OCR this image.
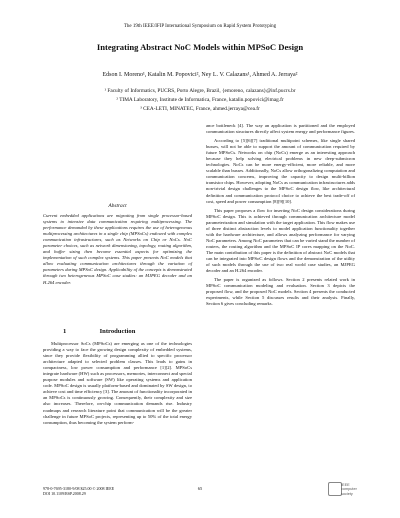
The 19th IEEE/IFIP International Symposium on Rapid System Prototyping
Integrating Abstract NoC Models within MPSoC Design
Edson I. Moreno¹, Katalin M. Popovici², Ney L. V. Calazans¹, Ahmed A. Jerraya²
¹ Faculty of Informatics, PUCRS, Porto Alegre, Brazil, {emoreno, calazans}@inf.pucrs.br
² TIMA Laboratory, Institute de Informatica, France, katalin.popovici@imag.fr
³ CEA-LETI, MINATEC, France, ahmed.jerraya@cea.fr
Abstract

Current embedded applications are migrating from single processor-based systems to intensive data communication requiring multiprocessing. The performance demanded by these applications requires the use of heterogeneous multiprocessing architectures in a single chip (MPSoCs) endowed with complex communication infrastructures, such as Networks on Chip or NoCs. NoC parameter choices, such as network dimensioning, topology, routing algorithm, and buffer sizing then become essential aspects for optimizing the implementation of such complex systems. This paper presents NoC models that allow evaluating communication architectures through the variation of parameters during MPSoC design. Applicability of the concepts is demonstrated through two heterogeneous MPSoC case studies: an MJPEG decoder and an H.264 encoder.

1	Introduction

Multiprocessor SoCs (MPSoCs) are emerging as one of the technologies providing a way to face the growing design complexity of embedded systems, since they provide flexibility of programming allied to specific processor architecture adapted to selected problem classes. This leads to gains in compactness, low power consumption and performance [1][2]. MPSoCs integrate hardware (HW) such as processors, memories, interconnect and special purpose modules and software (SW) like operating systems and application code. MPSoC design is usually platform-based and dominated by SW design, to achieve cost and time efficiency [3]. The amount of functionality incorporated in an MPSoCs is continuously growing. Consequently, their complexity and size also increases. Therefore, on-chip communication demands rise. Industry roadmaps and research literature point that communication will be the greater challenge in future MPSoC projects, representing up to 50% of the total energy consumption, thus becoming the system perform-

ance bottleneck [4]. The way an application is partitioned and the employed communication structures directly affect system energy and performance figures.

According to [5][6][7] traditional multipoint schemes, like single shared busses, will not be able to support the amount of communication required by future MPSoCs. Networks on chip (NoCs) emerge as an interesting approach because they help solving electrical problems in new deep-submicron technologies. NoCs can be more energy-efficient, more reliable, and more scalable than busses. Additionally, NoCs allow orthogonalizing computation and communication concerns, improving the capacity to design multi-billion transistor chips. However, adopting NoCs as communication infrastructures adds non-trivial design challenges to the MPSoC design flow, like architectural definition and communication protocol choice to achieve the best trade-off of cost, speed and power consumption [8][9][10].

This paper proposes a flow for inserting NoC design considerations during MPSoC design. This is achieved through communication architecture model parameterization and simulation with the target application. This flow makes use of three distinct abstraction levels to model application functionality together with the hardware architecture, and allows analyzing performance for varying NoC parameters. Among NoC parameters that can be varied stand the number of routers, the routing algorithm and the MPSoC IP cores mapping on the NoC. The main contribution of this paper is the definition of abstract NoC models that can be integrated into MPSoC design flows and the demonstration of the utility of such models through the use of two real world case studies, an MJPEG decoder and an H.264 encoder.

The paper is organized as follows. Section 2 presents related work in MPSoC communication modeling and evaluation. Section 3 depicts the proposed flow, and the proposed NoC models. Section 4 presents the conducted experiments, while Section 5 discusses results and their analysis. Finally, Section 6 gives concluding remarks.

978-0-7695-3180-9/08 $25.00 © 2008 IEEE
DOI 10.1109/RSP.2008.29
65
IEEE
computer
society
